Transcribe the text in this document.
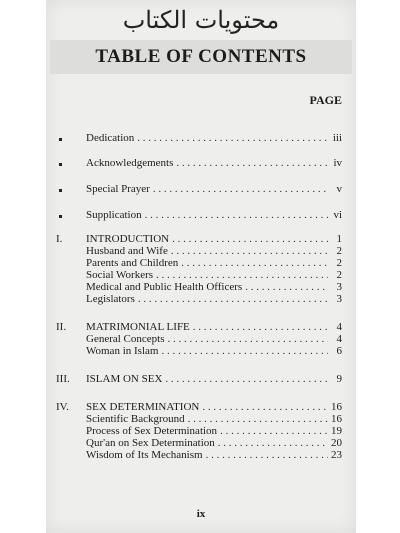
محتويات الكتاب
TABLE OF CONTENTS
PAGE
Dedication . . .	iii
Acknowledgements . . .	iv
Special Prayer . . .	v
Supplication . . .	vi
I.	INTRODUCTION . . .	1
Husband and Wife . . .	2
Parents and Children . . .	2
Social Workers . . .	2
Medical and Public Health Officers . . .	3
Legislators . . .	3
II.	MATRIMONIAL LIFE . . .	4
General Concepts . . .	4
Woman in Islam . . .	6
III.	ISLAM ON SEX . . .	9
IV.	SEX DETERMINATION . . .	16
Scientific Background . . .	16
Process of Sex Determination . . .	19
Qur'an on Sex Determination . . .	20
Wisdom of Its Mechanism . . .	23
ix
